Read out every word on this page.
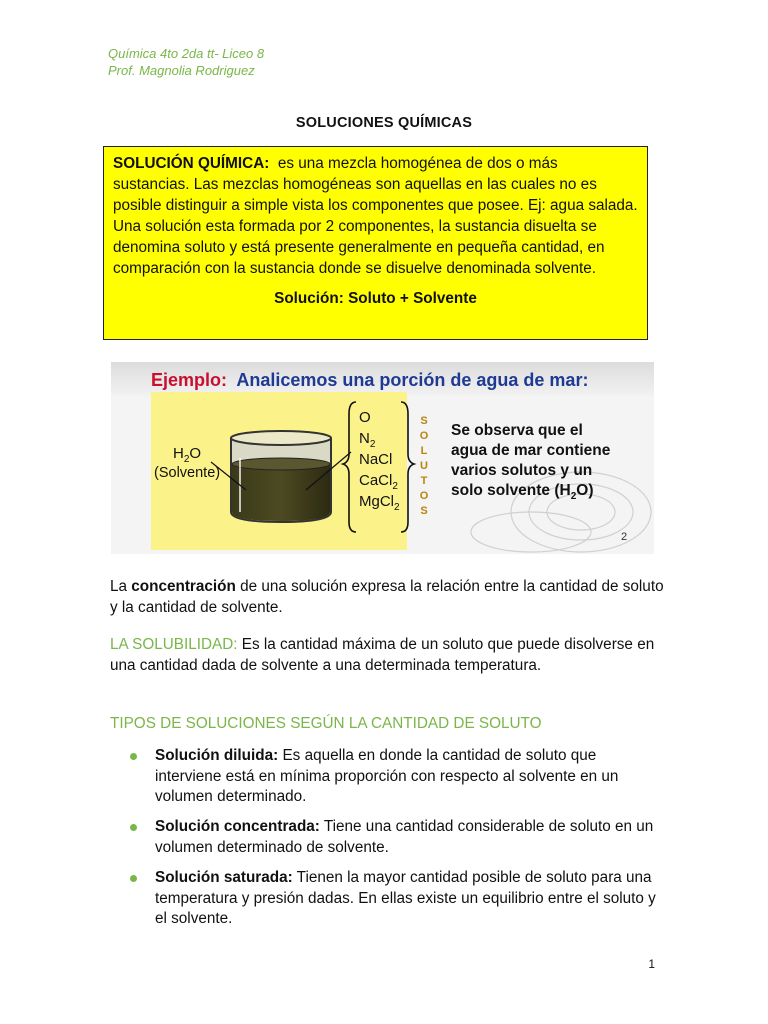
Química 4to 2da tt- Liceo 8
Prof. Magnolia Rodriguez
SOLUCIONES QUÍMICAS

SOLUCIÓN QUÍMICA: es una mezcla homogénea de dos o más sustancias. Las mezclas homogéneas son aquellas en las cuales no es posible distinguir a simple vista los componentes que posee. Ej: agua salada.

Una solución esta formada por 2 componentes, la sustancia disuelta se denomina soluto y está presente generalmente en pequeña cantidad, en comparación con la sustancia donde se disuelve denominada solvente.

Solución: Soluto + Solvente

Ejemplo: Analicemos una porción de agua de mar:
$H_2O$
(Solvente)
O
$N_2$
NaCl
CaCl$_2$
MgCl$_2$
S
O
L
U
T
O
S
Se observa que el
agua de mar contiene
varios solutos y un
solo solvente $(H_2O)$
2
La concentración de una solución expresa la relación entre la cantidad de soluto y la cantidad de solvente.
LA SOLUBILIDAD: Es la cantidad máxima de un soluto que puede disolverse en una cantidad dada de solvente a una determinada temperatura.
TIPOS DE SOLUCIONES SEGÚN LA CANTIDAD DE SOLUTO
Solución diluida: Es aquella en donde la cantidad de soluto que interviene está en mínima proporción con respecto al solvente en un volumen determinado.
Solución concentrada: Tiene una cantidad considerable de soluto en un volumen determinado de solvente.
Solución saturada: Tienen la mayor cantidad posible de soluto para una temperatura y presión dadas. En ellas existe un equilibrio entre el soluto y el solvente.
1
